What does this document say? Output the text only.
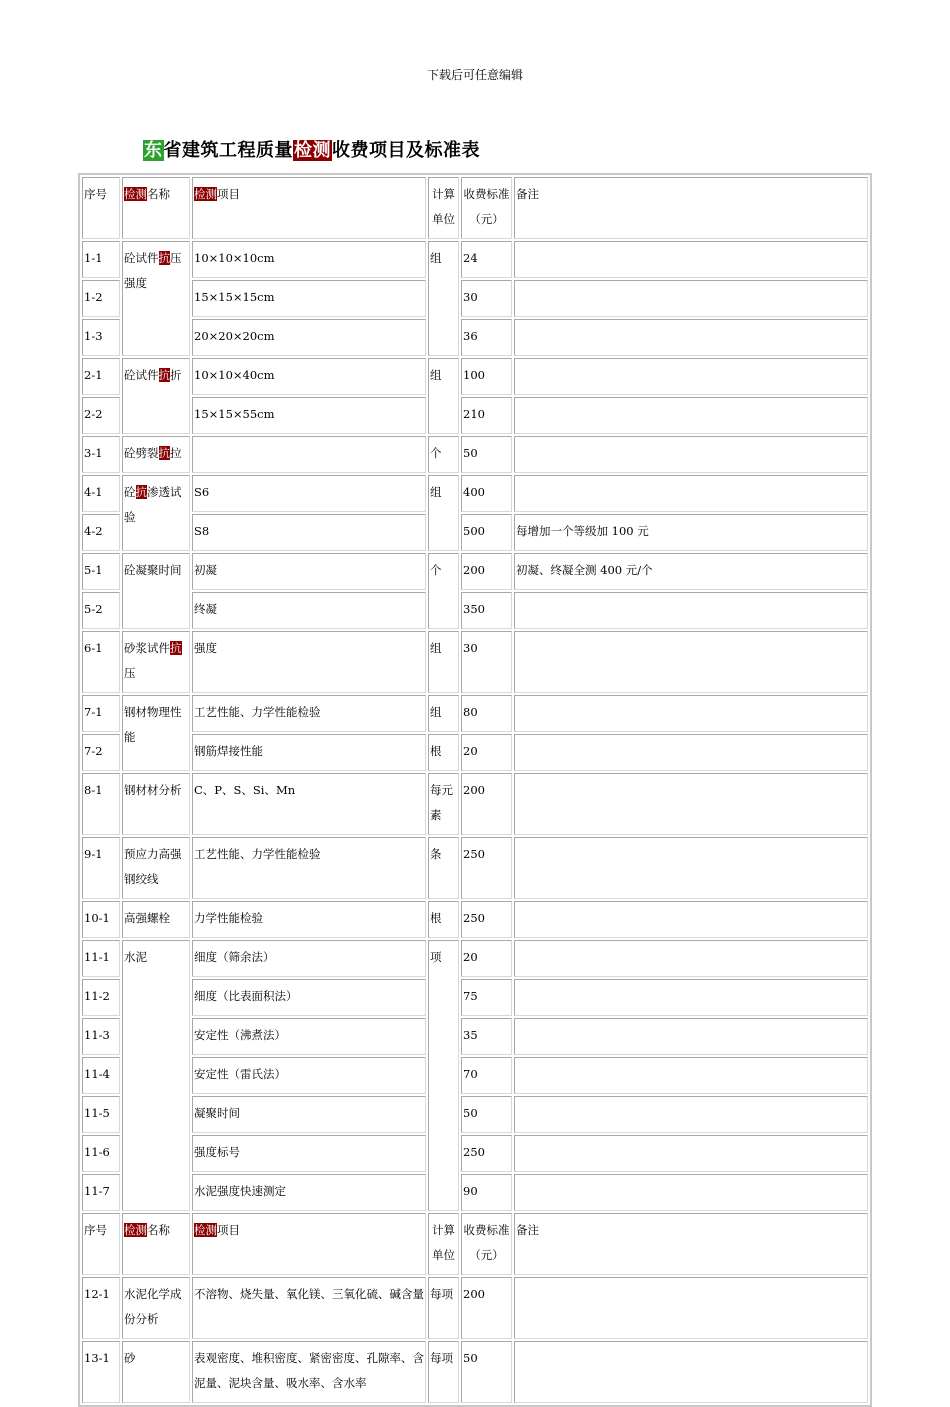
下载后可任意编辑
东省建筑工程质量检测收费项目及标准表
序号	检测名称	检测项目	计算单位	收费标准（元）	备注
1-1	砼试件抗压强度	10×10×10cm	组	24	
1-2		15×15×15cm		30	
1-3		20×20×20cm		36	
2-1	砼试件抗折	10×10×40cm	组	100	
2-2		15×15×55cm		210	
3-1	砼劈裂抗拉		个	50	
4-1	砼抗渗透试验	S6	组	400	
4-2		S8		500	每增加一个等级加 100 元
5-1	砼凝聚时间	初凝	个	200	初凝、终凝全测 400 元/个
5-2		终凝		350	
6-1	砂浆试件抗压	强度	组	30	
7-1	钢材物理性能	工艺性能、力学性能检验	组	80	
7-2		钢筋焊接性能	根	20	
8-1	钢材材分析	C、P、S、Si、Mn	每元素	200	
9-1	预应力高强钢绞线	工艺性能、力学性能检验	条	250	
10-1	高强螺栓	力学性能检验	根	250	
11-1	水泥	细度（筛余法）	项	20	
11-2		细度（比表面积法）		75	
11-3		安定性（沸煮法）		35	
11-4		安定性（雷氏法）		70	
11-5		凝聚时间		50	
11-6		强度标号		250	
11-7		水泥强度快速测定		90	
序号	检测名称	检测项目	计算单位	收费标准（元）	备注
12-1	水泥化学成份分析	不溶物、烧失量、氧化镁、三氧化硫、碱含量	每项	200	
13-1	砂	表观密度、堆积密度、紧密密度、孔隙率、含泥量、泥块含量、吸水率、含水率	每项	50	
